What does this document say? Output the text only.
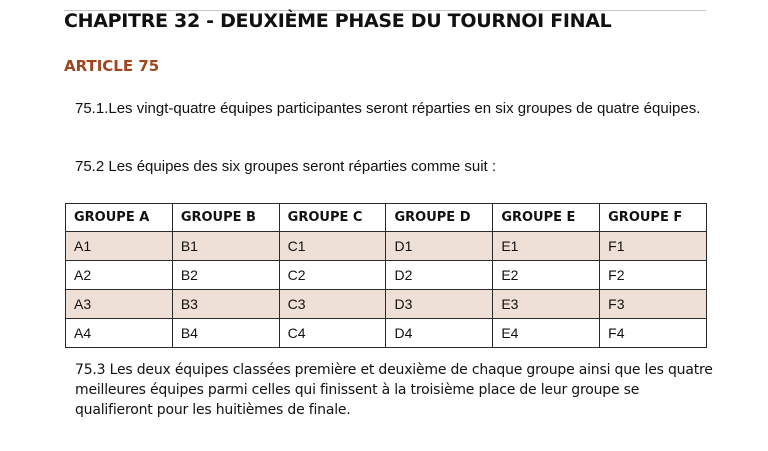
CHAPITRE 32 - DEUXIÈME PHASE DU TOURNOI FINAL
ARTICLE 75
75.1.Les vingt-quatre équipes participantes seront réparties en six groupes de quatre équipes.
75.2 Les équipes des six groupes seront réparties comme suit :
GROUPE A	GROUPE B	GROUPE C	GROUPE D	GROUPE E	GROUPE F
A1	B1	C1	D1	E1	F1
A2	B2	C2	D2	E2	F2
A3	B3	C3	D3	E3	F3
A4	B4	C4	D4	E4	F4
75.3 Les deux équipes classées première et deuxième de chaque groupe ainsi que les quatre meilleures équipes parmi celles qui finissent à la troisième place de leur groupe se qualifieront pour les huitièmes de finale.
